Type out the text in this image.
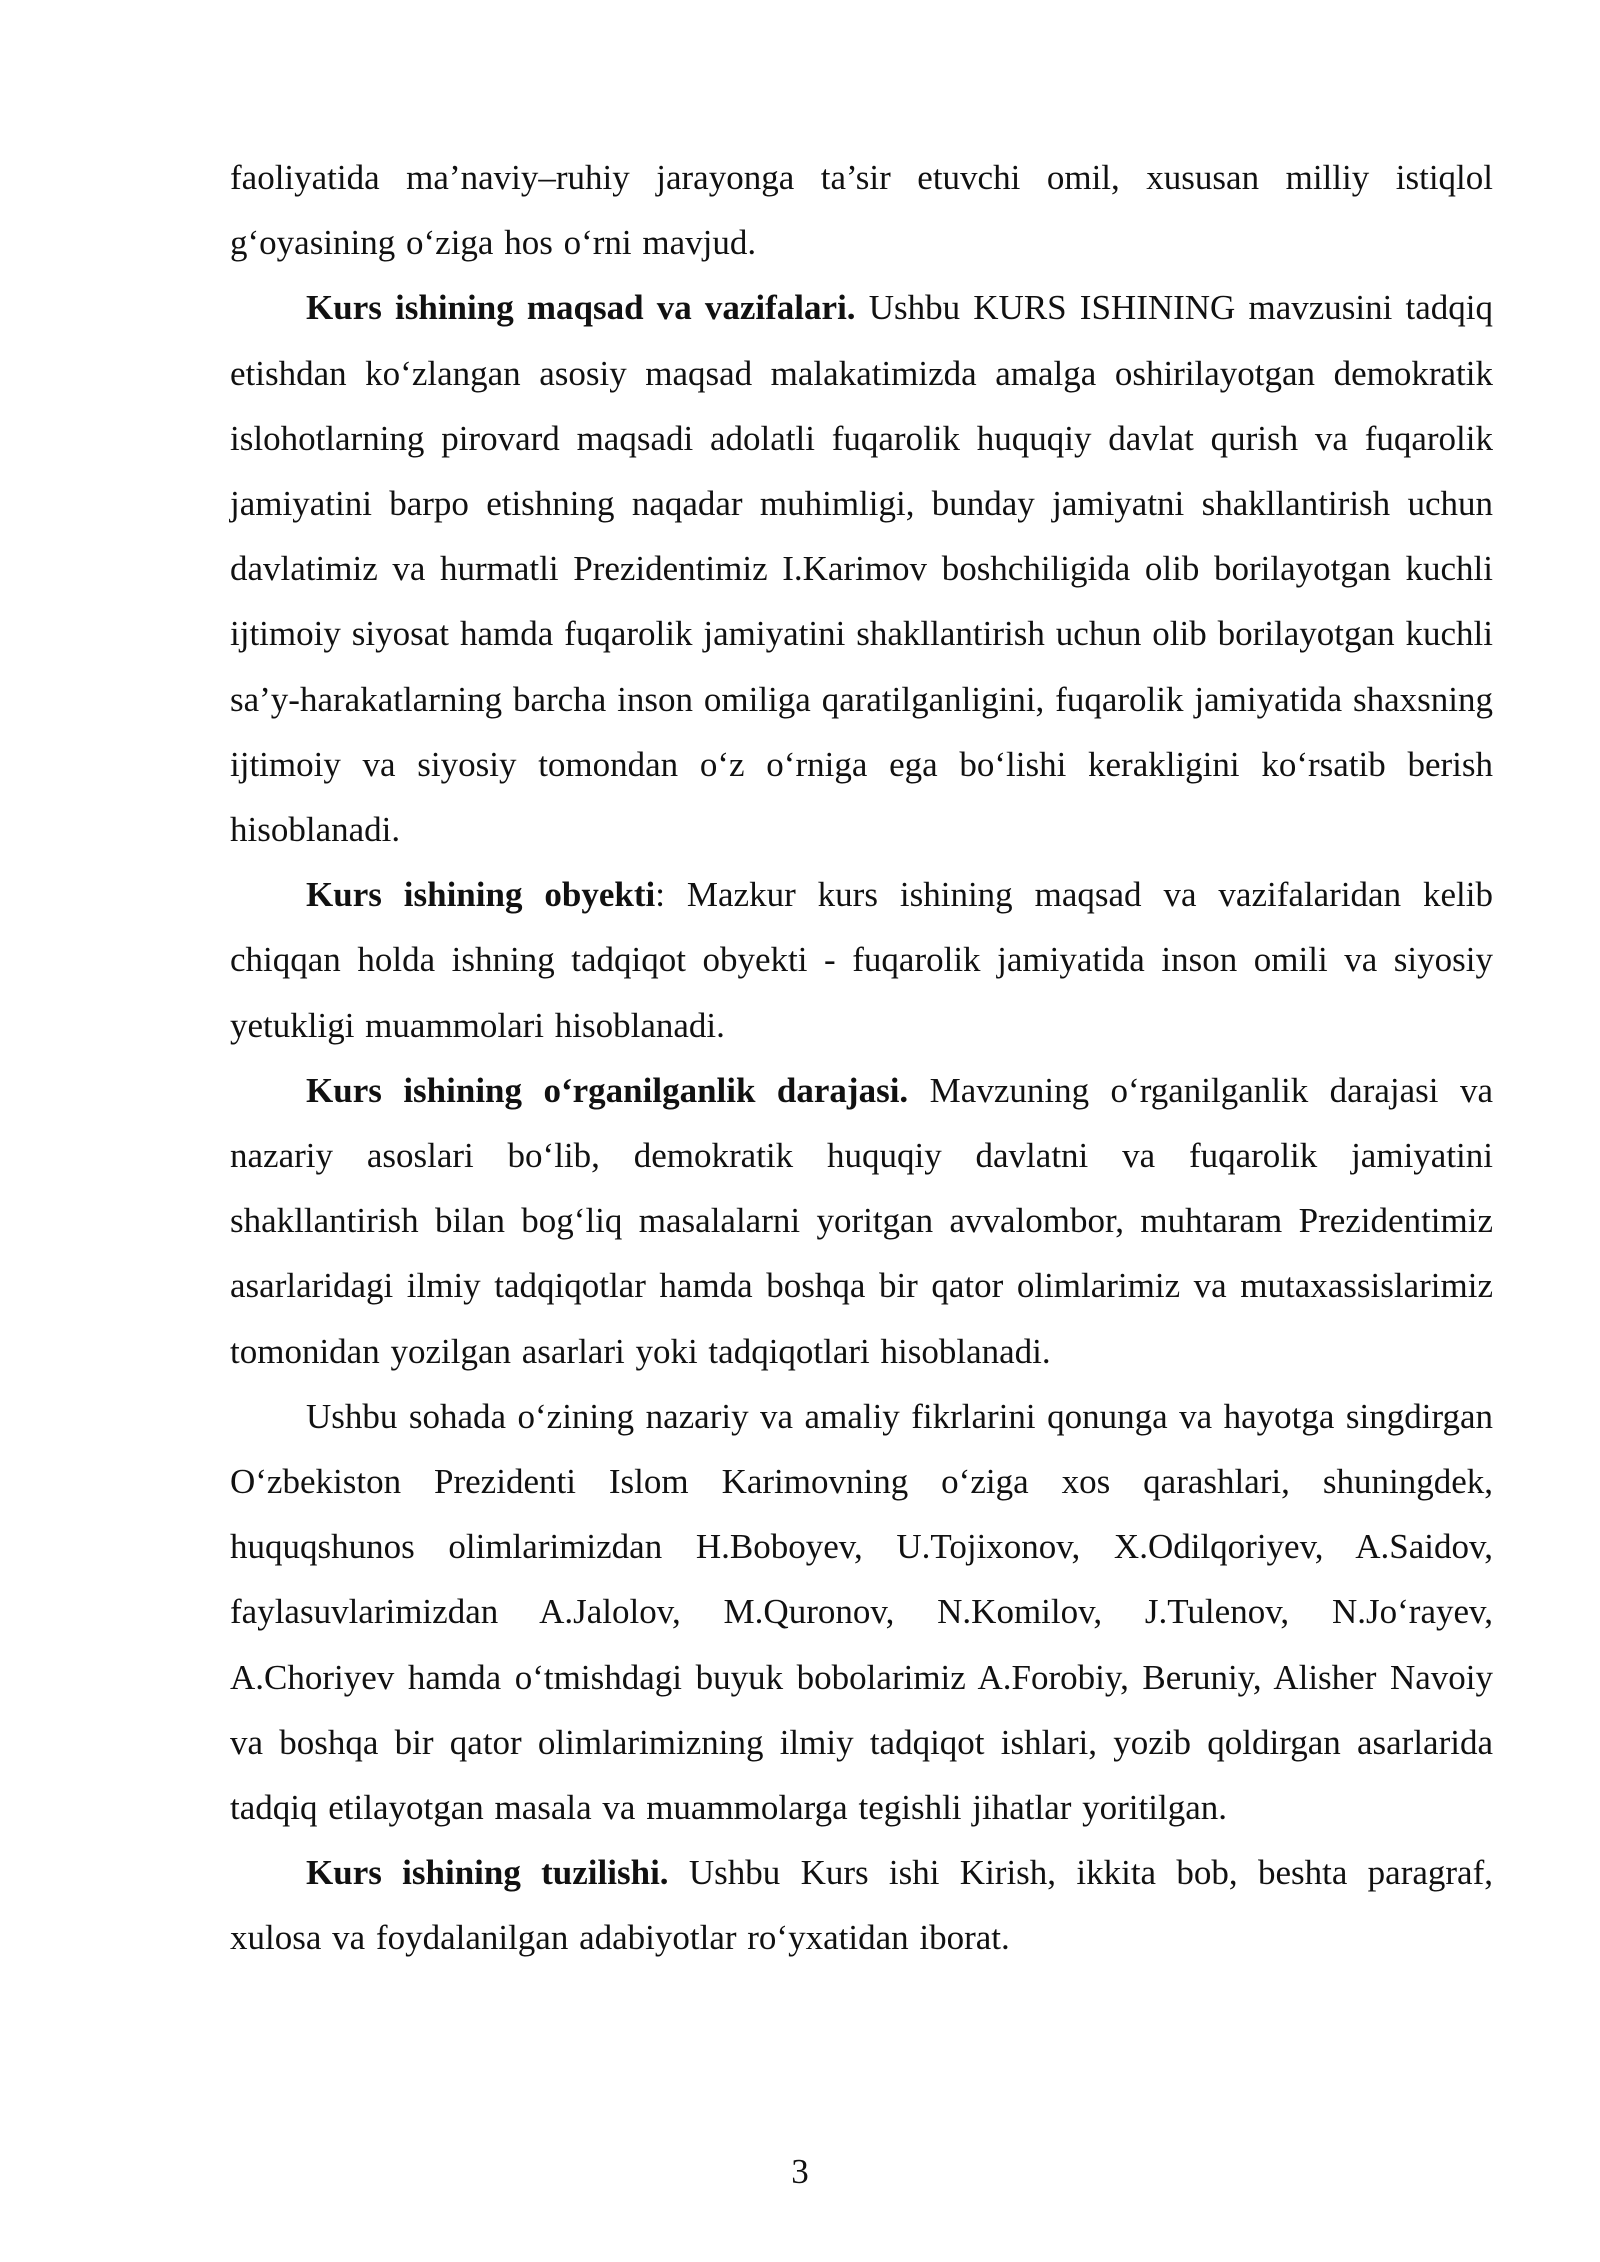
faoliyatida ma’naviy–ruhiy jarayonga ta’sir etuvchi omil, xususan milliy istiqlol g‘oyasining o‘ziga hos o‘rni mavjud.

Kurs ishining maqsad va vazifalari. Ushbu KURS ISHINING mavzusini tadqiq etishdan ko‘zlangan asosiy maqsad malakatimizda amalga oshirilayotgan demokratik islohotlarning pirovard maqsadi adolatli fuqarolik huquqiy davlat qurish va fuqarolik jamiyatini barpo etishning naqadar muhimligi, bunday jamiyatni shakllantirish uchun davlatimiz va hurmatli Prezidentimiz I.Karimov boshchiligida olib borilayotgan kuchli ijtimoiy siyosat hamda fuqarolik jamiyatini shakllantirish uchun olib borilayotgan kuchli sa’y-harakatlarning barcha inson omiliga qaratilganligini, fuqarolik jamiyatida shaxsning ijtimoiy va siyosiy tomondan o‘z o‘rniga ega bo‘lishi kerakligini ko‘rsatib berish hisoblanadi.

Kurs ishining obyekti: Mazkur kurs ishining maqsad va vazifalaridan kelib chiqqan holda ishning tadqiqot obyekti - fuqarolik jamiyatida inson omili va siyosiy yetukligi muammolari hisoblanadi.

Kurs ishining o‘rganilganlik darajasi. Mavzuning o‘rganilganlik darajasi va nazariy asoslari bo‘lib, demokratik huquqiy davlatni va fuqarolik jamiyatini shakllantirish bilan bog‘liq masalalarni yoritgan avvalombor, muhtaram Prezidentimiz asarlaridagi ilmiy tadqiqotlar hamda boshqa bir qator olimlarimiz va mutaxassislarimiz tomonidan yozilgan asarlari yoki tadqiqotlari hisoblanadi.

Ushbu sohada o‘zining nazariy va amaliy fikrlarini qonunga va hayotga singdirgan O‘zbekiston Prezidenti Islom Karimovning o‘ziga xos qarashlari, shuningdek, huquqshunos olimlarimizdan H.Boboyev, U.Tojixonov, X.Odilqoriyev, A.Saidov, faylasuvlarimizdan A.Jalolov, M.Quronov, N.Komilov, J.Tulenov, N.Jo‘rayev, A.Choriyev hamda o‘tmishdagi buyuk bobolarimiz A.Forobiy, Beruniy, Alisher Navoiy va boshqa bir qator olimlarimizning ilmiy tadqiqot ishlari, yozib qoldirgan asarlarida tadqiq etilayotgan masala va muammolarga tegishli jihatlar yoritilgan.

Kurs ishining tuzilishi. Ushbu Kurs ishi Kirish, ikkita bob, beshta paragraf, xulosa va foydalanilgan adabiyotlar ro‘yxatidan iborat.

3
